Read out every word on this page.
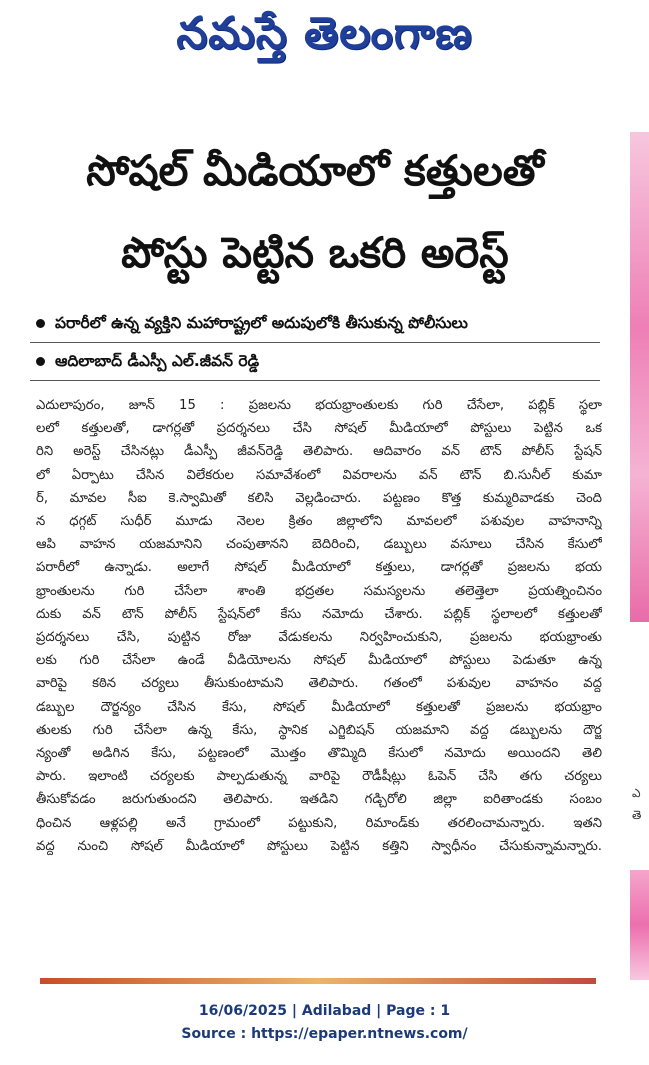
నమస్తే తెలంగాణ
ఎ
తె
సోషల్ మీడియాలో కత్తులతో
పోస్టు పెట్టిన ఒకరి అరెస్ట్
పరారీలో ఉన్న వ్యక్తిని మహారాష్ట్రలో అదుపులోకి తీసుకున్న పోలీసులు
ఆదిలాబాద్ డీఎస్పీ ఎల్.జీవన్ రెడ్డి
ఎదులాపురం, జూన్ 15 : ప్రజలను భయభ్రాంతులకు గురి చేసేలా, పబ్లిక్ స్థలా
లలో కత్తులతో, డాగర్లతో ప్రదర్శనలు చేసి సోషల్ మీడియాలో పోస్టులు పెట్టిన ఒక
రిని అరెస్ట్ చేసినట్లు డీఎస్పీ జీవన్‌రెడ్డి తెలిపారు. ఆదివారం వన్ టౌన్ పోలీస్ స్టేషన్
లో ఏర్పాటు చేసిన విలేకరుల సమావేశంలో వివరాలను వన్ టౌన్ బి.సునీల్ కుమా
ర్, మావల సీఐ కె.స్వామితో కలిసి వెల్లడించారు. పట్టణం కొత్త కుమ్మరివాడకు చెంది
న ధగ్గట్ సుధీర్ మూడు నెలల క్రితం జిల్లాలోని మావలలో పశువుల వాహనాన్ని
ఆపి వాహన యజమానిని చంపుతానని బెదిరించి, డబ్బులు వసూలు చేసిన కేసులో
పరారీలో ఉన్నాడు. అలాగే సోషల్ మీడియాలో కత్తులు, డాగర్లతో ప్రజలను భయ
భ్రాంతులను గురి చేసేలా శాంతి భద్రతల సమస్యలను తలెత్తెలా ప్రయత్నించినం
దుకు వన్ టౌన్ పోలీస్ స్టేషన్‌లో కేసు నమోదు చేశారు. పబ్లిక్ స్థలాలలో కత్తులతో
ప్రదర్శనలు చేసి, పుట్టిన రోజు వేడుకలను నిర్వహించుకుని, ప్రజలను భయభ్రాంతు
లకు గురి చేసేలా ఉండే వీడియోలను సోషల్ మీడియాలో పోస్టులు పెడుతూ ఉన్న
వారిపై కఠిన చర్యలు తీసుకుంటామని తెలిపారు. గతంలో పశువుల వాహనం వద్ద
డబ్బుల దౌర్జన్యం చేసిన కేసు, సోషల్ మీడియాలో కత్తులతో ప్రజలను భయభ్రాం
తులకు గురి చేసేలా ఉన్న కేసు, స్థానిక ఎగ్జిబిషన్ యజమాని వద్ద డబ్బులను దౌర్జ
న్యంతో అడిగిన కేసు, పట్టణంలో మొత్తం తొమ్మిది కేసులో నమోదు అయిందని తెలి
పారు. ఇలాంటి చర్యలకు పాల్పడుతున్న వారిపై రౌడీషీట్లు ఓపెన్ చేసి తగు చర్యలు
తీసుకోవడం జరుగుతుందని తెలిపారు. ఇతడిని గడ్చిరోలి జిల్లా ఐరితాండకు సంబం
ధించిన ఆళ్లపల్లి అనే గ్రామంలో పట్టుకుని, రిమాండ్‌కు తరలించామన్నారు. ఇతని
వద్ద నుంచి సోషల్ మీడియాలో పోస్టులు పెట్టిన కత్తిని స్వాధీనం చేసుకున్నామన్నారు.
16/06/2025 | Adilabad | Page : 1
Source : https://epaper.ntnews.com/
